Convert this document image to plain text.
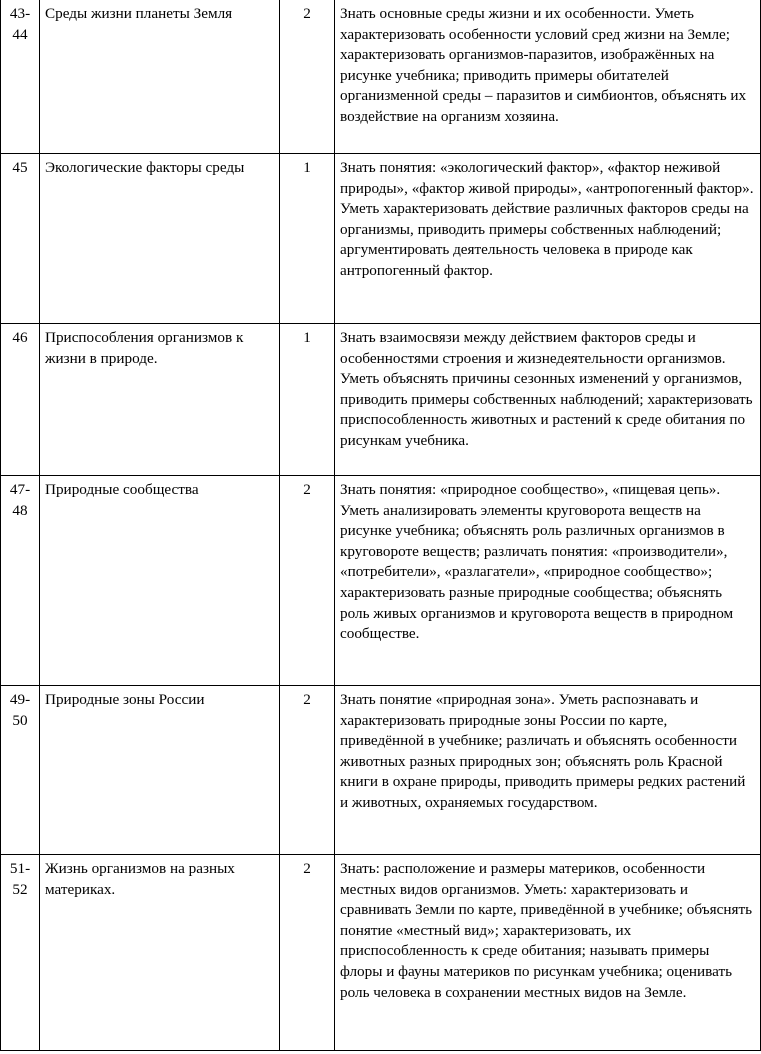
43-44	Среды жизни планеты Земля	2	Знать основные среды жизни и их особенности. Уметь характеризовать особенности условий сред жизни на Земле; характеризовать организмов-паразитов, изображённых на рисунке учебника; приводить примеры обитателей организменной среды – паразитов и симбионтов, объяснять их воздействие на организм хозяина.
45	Экологические факторы среды	1	Знать понятия: «экологический фактор», «фактор неживой природы», «фактор живой природы», «антропогенный фактор». Уметь характеризовать действие различных факторов среды на организмы, приводить примеры собственных наблюдений; аргументировать деятельность человека в природе как антропогенный фактор.
46	Приспособления организмов к жизни в природе.	1	Знать взаимосвязи между действием факторов среды и особенностями строения и жизнедеятельности организмов. Уметь объяснять причины сезонных изменений у организмов, приводить примеры собственных наблюдений; характеризовать приспособленность животных и растений к среде обитания по рисункам учебника.
47-48	Природные сообщества	2	Знать понятия: «природное сообщество», «пищевая цепь». Уметь анализировать элементы круговорота веществ на рисунке учебника; объяснять роль различных организмов в круговороте веществ; различать понятия: «производители», «потребители», «разлагатели», «природное сообщество»; характеризовать разные природные сообщества; объяснять роль живых организмов и круговорота веществ в природном сообществе.
49-50	Природные зоны России	2	Знать понятие «природная зона». Уметь распознавать и характеризовать природные зоны России по карте, приведённой в учебнике; различать и объяснять особенности животных разных природных зон; объяснять роль Красной книги в охране природы, приводить примеры редких растений и животных, охраняемых государством.
51-52	Жизнь организмов на разных материках.	2	Знать: расположение и размеры материков, особенности местных видов организмов. Уметь: характеризовать и сравнивать Земли по карте, приведённой в учебнике; объяснять понятие «местный вид»; характеризовать, их приспособленность к среде обитания; называть примеры флоры и фауны материков по рисункам учебника; оценивать роль человека в сохранении местных видов на Земле.
